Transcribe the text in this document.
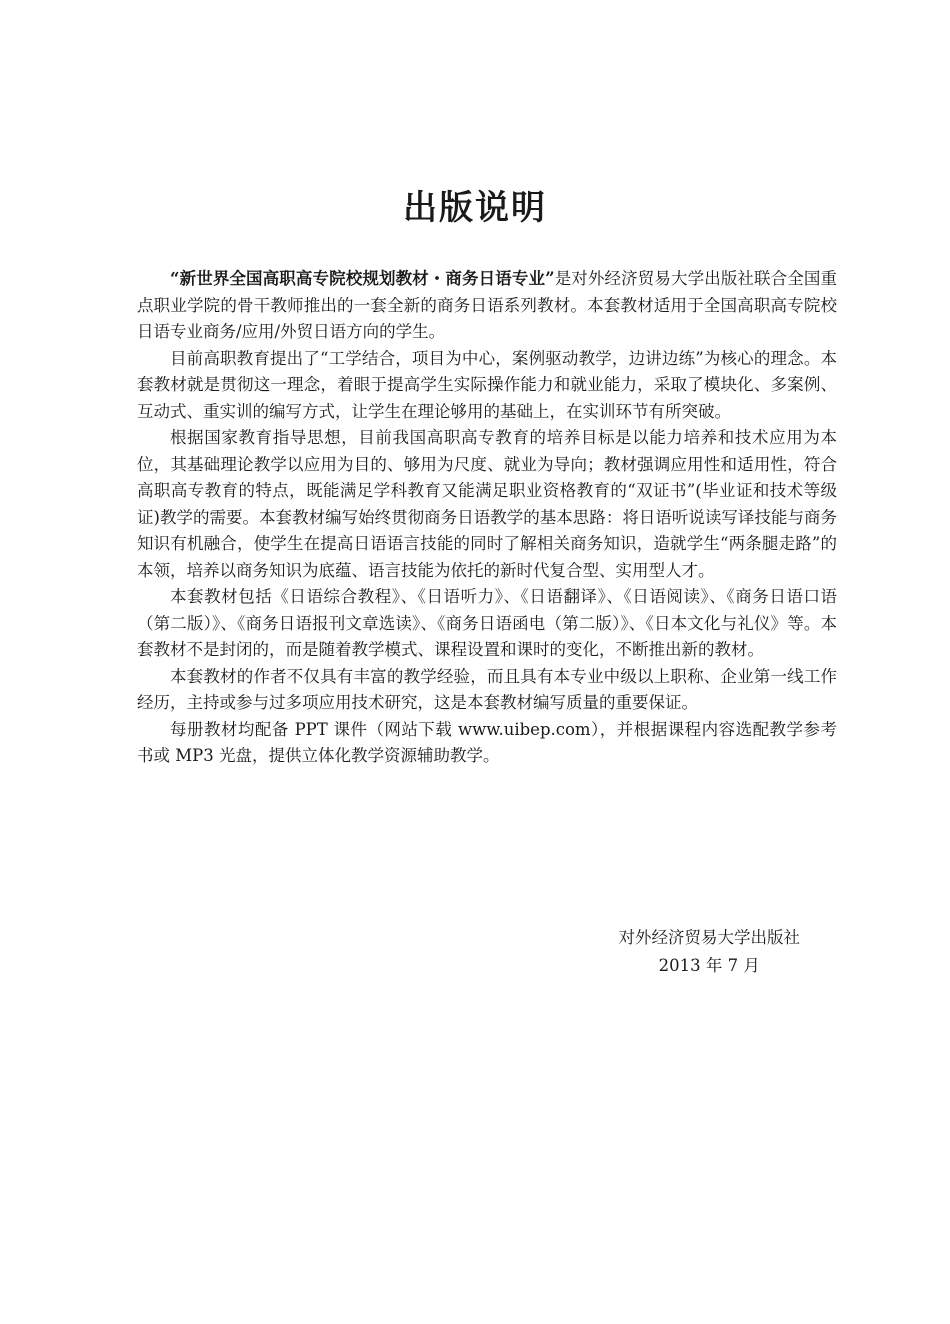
出版说明

“新世界全国高职高专院校规划教材・商务日语专业”是对外经济贸易大学出版社联合全国重点职业学院的骨干教师推出的一套全新的商务日语系列教材。本套教材适用于全国高职高专院校日语专业商务/应用/外贸日语方向的学生。

目前高职教育提出了“工学结合，项目为中心，案例驱动教学，边讲边练”为核心的理念。本套教材就是贯彻这一理念，着眼于提高学生实际操作能力和就业能力，采取了模块化、多案例、互动式、重实训的编写方式，让学生在理论够用的基础上，在实训环节有所突破。

根据国家教育指导思想，目前我国高职高专教育的培养目标是以能力培养和技术应用为本位，其基础理论教学以应用为目的、够用为尺度、就业为导向；教材强调应用性和适用性，符合高职高专教育的特点，既能满足学科教育又能满足职业资格教育的“双证书”(毕业证和技术等级证)教学的需要。本套教材编写始终贯彻商务日语教学的基本思路：将日语听说读写译技能与商务知识有机融合，使学生在提高日语语言技能的同时了解相关商务知识，造就学生“两条腿走路”的本领，培养以商务知识为底蕴、语言技能为依托的新时代复合型、实用型人才。

本套教材包括《日语综合教程》、《日语听力》、《日语翻译》、《日语阅读》、《商务日语口语（第二版）》、《商务日语报刊文章选读》、《商务日语函电（第二版）》、《日本文化与礼仪》等。本套教材不是封闭的，而是随着教学模式、课程设置和课时的变化，不断推出新的教材。

本套教材的作者不仅具有丰富的教学经验，而且具有本专业中级以上职称、企业第一线工作经历，主持或参与过多项应用技术研究，这是本套教材编写质量的重要保证。

每册教材均配备 PPT 课件（网站下载 www.uibep.com），并根据课程内容选配教学参考书或 MP3 光盘，提供立体化教学资源辅助教学。

对外经济贸易大学出版社
2013 年 7 月
